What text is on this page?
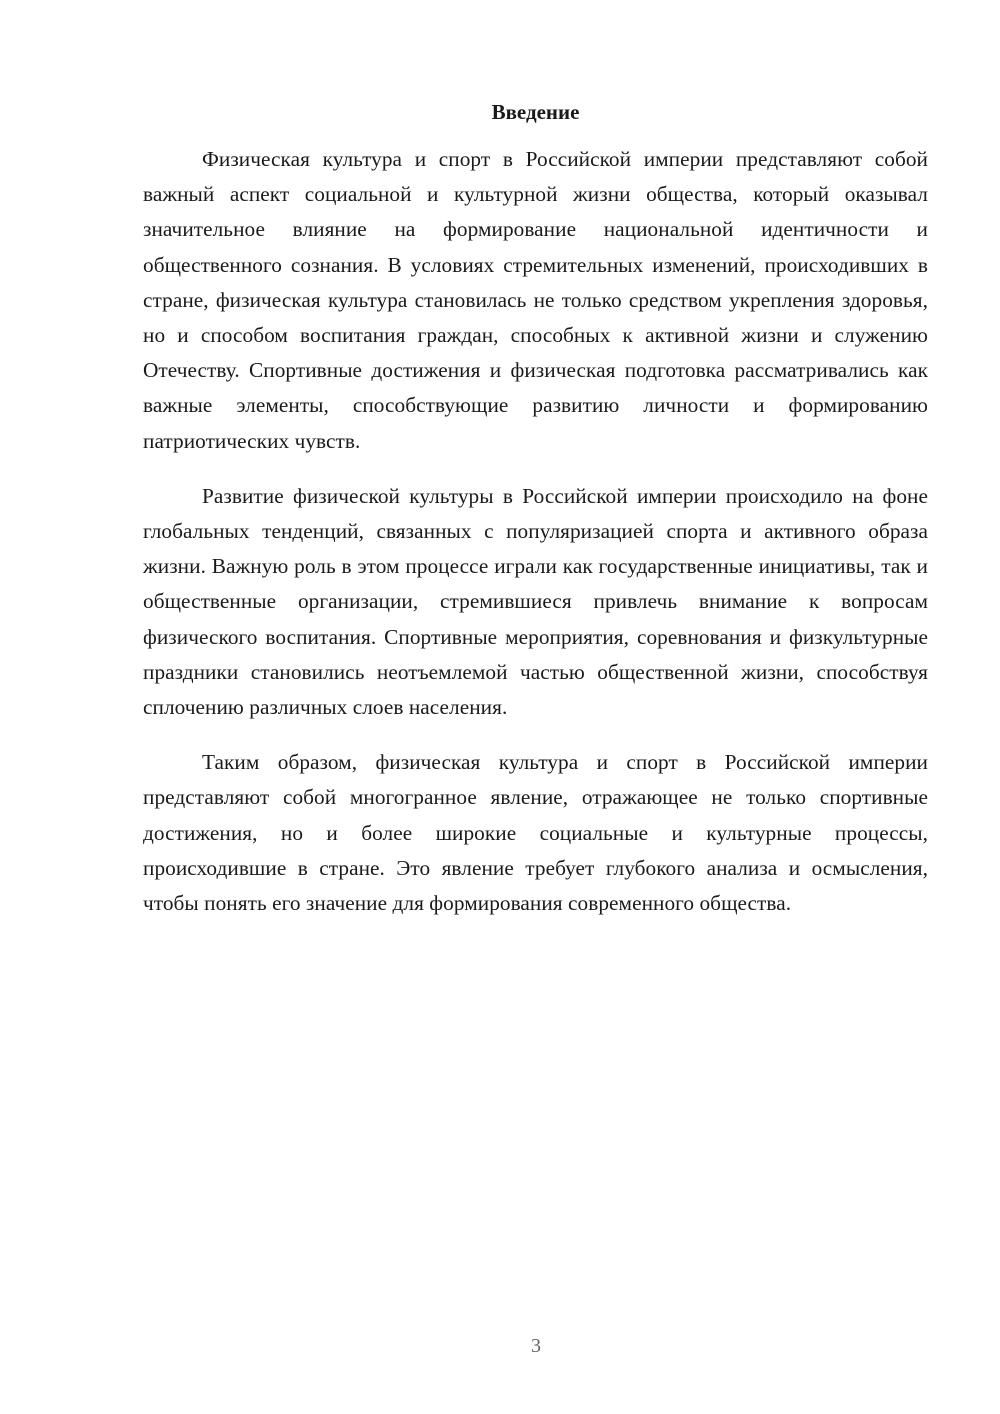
Введение

Физическая культура и спорт в Российской империи представляют собой важный аспект социальной и культурной жизни общества, который оказывал значительное влияние на формирование национальной идентичности и общественного сознания. В условиях стремительных изменений, происходивших в стране, физическая культура становилась не только средством укрепления здоровья, но и способом воспитания граждан, способных к активной жизни и служению Отечеству. Спортивные достижения и физическая подготовка рассматривались как важные элементы, способствующие развитию личности и формированию патриотических чувств.

Развитие физической культуры в Российской империи происходило на фоне глобальных тенденций, связанных с популяризацией спорта и активного образа жизни. Важную роль в этом процессе играли как государственные инициативы, так и общественные организации, стремившиеся привлечь внимание к вопросам физического воспитания. Спортивные мероприятия, соревнования и физкультурные праздники становились неотъемлемой частью общественной жизни, способствуя сплочению различных слоев населения.

Таким образом, физическая культура и спорт в Российской империи представляют собой многогранное явление, отражающее не только спортивные достижения, но и более широкие социальные и культурные процессы, происходившие в стране. Это явление требует глубокого анализа и осмысления, чтобы понять его значение для формирования современного общества.

3
